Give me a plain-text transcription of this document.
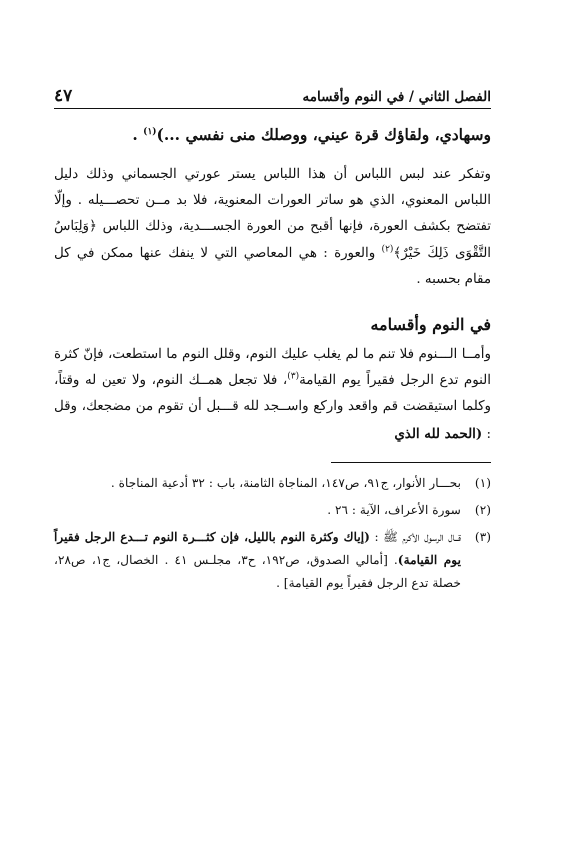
الفصل الثاني / في النوم وأقسامه
٤٧
وسهادي، ولقاؤك قرة عيني، ووصلك منى نفسي ...)$^{(١)}$ .

وتفكر عند لبس اللباس أن هذا اللباس يستر عورتي الجسماني وذلك دليل اللباس المعنوي، الذي هو ساتر العورات المعنوية، فلا بد مــن تحصـــيله . وإلّا تفتضح بكشف العورة، فإنها أقبح من العورة الجســـدية، وذلك اللباس ﴿وَلِبَاسُ التَّقْوَى ذَلِكَ خَيْرٌ﴾$^{(٢)}$ والعورة : هي المعاصي التي لا ينفك عنها ممكن في كل مقام بحسبه .

في النوم وأقسامه

وأمــا الـــنوم فلا تنم ما لم يغلب عليك النوم، وقلل النوم ما استطعت، فإنّ كثرة النوم تدع الرجل فقيراً يوم القيامة$^{(٣)}$، فلا تجعل همــك النوم، ولا تعين له وقتاً، وكلما استيقضت قم واقعد واركع واســجد لله قـــبل أن تقوم من مضجعك، وقل : (الحمد لله الذي

(١)
بحـــار الأنوار، ج٩١، ص١٤٧، المناجاة الثامنة، باب : ٣٢ أدعية المناجاة .
(٢)
سورة الأعراف، الآية : ٢٦ .
(٣)
قــال الرسول الأكرم ﷺ : (إياك وكثرة النوم بالليل، فإن كثـــرة النوم تـــدع الرجل فقيراً يوم القيامة). [أمالي الصدوق، ص١٩٢، ح٣، مجلـس ٤١ . الخصال، ج١، ص٢٨، خصلة تدع الرجل فقيراً يوم القيامة] .
